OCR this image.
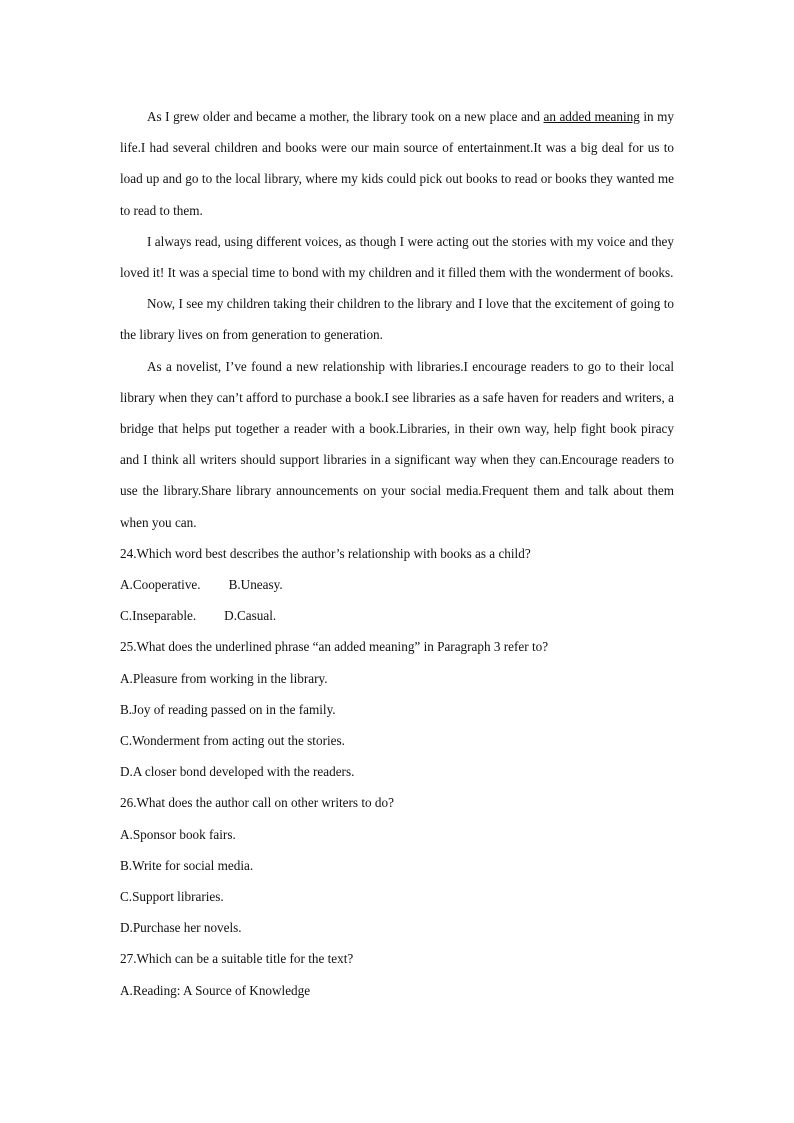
As I grew older and became a mother, the library took on a new place and an added meaning in my life.I had several children and books were our main source of entertainment.It was a big deal for us to load up and go to the local library, where my kids could pick out books to read or books they wanted me to read to them.

I always read, using different voices, as though I were acting out the stories with my voice and they loved it! It was a special time to bond with my children and it filled them with the wonderment of books.

Now, I see my children taking their children to the library and I love that the excitement of going to the library lives on from generation to generation.

As a novelist, I’ve found a new relationship with libraries.I encourage readers to go to their local library when they can’t afford to purchase a book.I see libraries as a safe haven for readers and writers, a bridge that helps put together a reader with a book.Libraries, in their own way, help fight book piracy and I think all writers should support libraries in a significant way when they can.Encourage readers to use the library.Share library announcements on your social media.Frequent them and talk about them when you can.

24.Which word best describes the author’s relationship with books as a child?

A.Cooperative. B.Uneasy.

C.Inseparable. D.Casual.

25.What does the underlined phrase “an added meaning” in Paragraph 3 refer to?

A.Pleasure from working in the library.

B.Joy of reading passed on in the family.

C.Wonderment from acting out the stories.

D.A closer bond developed with the readers.

26.What does the author call on other writers to do?

A.Sponsor book fairs.

B.Write for social media.

C.Support libraries.

D.Purchase her novels.

27.Which can be a suitable title for the text?

A.Reading: A Source of Knowledge
